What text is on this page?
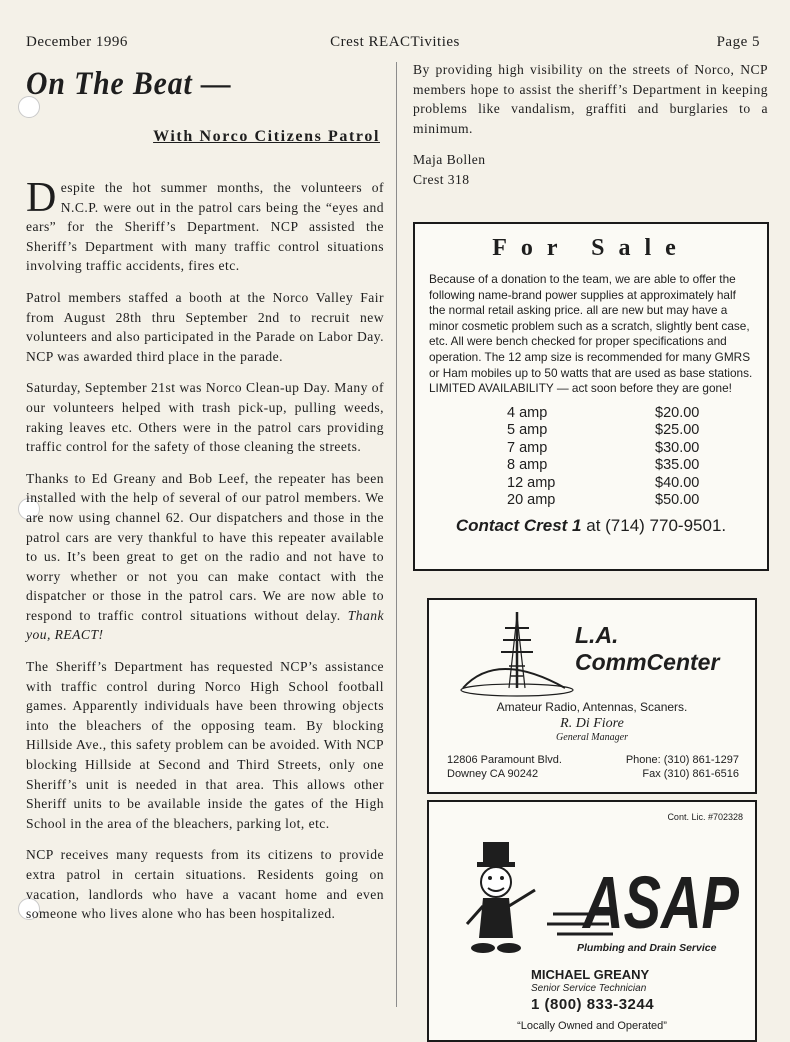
December 1996	Crest REACTivities	Page 5
On The Beat —
With Norco Citizens Patrol

Despite the hot summer months, the volunteers of N.C.P. were out in the patrol cars being the “eyes and ears” for the Sheriff’s Department. NCP assisted the Sheriff’s Department with many traffic control situations involving traffic accidents, fires etc.

Patrol members staffed a booth at the Norco Valley Fair from August 28th thru September 2nd to recruit new volunteers and also participated in the Parade on Labor Day. NCP was awarded third place in the parade.

Saturday, September 21st was Norco Clean-up Day. Many of our volunteers helped with trash pick-up, pulling weeds, raking leaves etc. Others were in the patrol cars providing traffic control for the safety of those cleaning the streets.

Thanks to Ed Greany and Bob Leef, the repeater has been installed with the help of several of our patrol members. We are now using channel 62. Our dispatchers and those in the patrol cars are very thankful to have this repeater available to us. It’s been great to get on the radio and not have to worry whether or not you can make contact with the dispatcher or those in the patrol cars. We are now able to respond to traffic control situations without delay. Thank you, REACT!

The Sheriff’s Department has requested NCP’s assistance with traffic control during Norco High School football games. Apparently individuals have been throwing objects into the bleachers of the opposing team. By blocking Hillside Ave., this safety problem can be avoided. With NCP blocking Hillside at Second and Third Streets, only one Sheriff’s unit is needed in that area. This allows other Sheriff units to be available inside the gates of the High School in the area of the bleachers, parking lot, etc.

NCP receives many requests from its citizens to provide extra patrol in certain situations. Residents going on vacation, landlords who have a vacant home and even someone who lives alone who has been hospitalized.

By providing high visibility on the streets of Norco, NCP members hope to assist the sheriff’s Department in keeping problems like vandalism, graffiti and burglaries to a minimum.

Maja Bollen
Crest 318

For Sale
Because of a donation to the team, we are able to offer the following name-brand power supplies at approximately half the normal retail asking price. all are new but may have a minor cosmetic problem such as a scratch, slightly bent case, etc. All were bench checked for proper specifications and operation. The 12 amp size is recommended for many GMRS or Ham mobiles up to 50 watts that are used as base stations. LIMITED AVAILABILITY — act soon before they are gone!
4 amp	$20.00
5 amp	$25.00
7 amp	$30.00
8 amp	$35.00
12 amp	$40.00
20 amp	$50.00
Contact Crest 1 at (714) 770-9501.
L.A. CommCenter
Amateur Radio, Antennas, Scaners.
R. Di Fiore
General Manager
12806 Paramount Blvd.
Downey CA 90242
Phone: (310) 861-1297
Fax (310) 861-6516
Cont. Lic. #702328
ASAP
Plumbing and Drain Service
MICHAEL GREANY
Senior Service Technician
1 (800) 833-3244
“Locally Owned and Operated”
